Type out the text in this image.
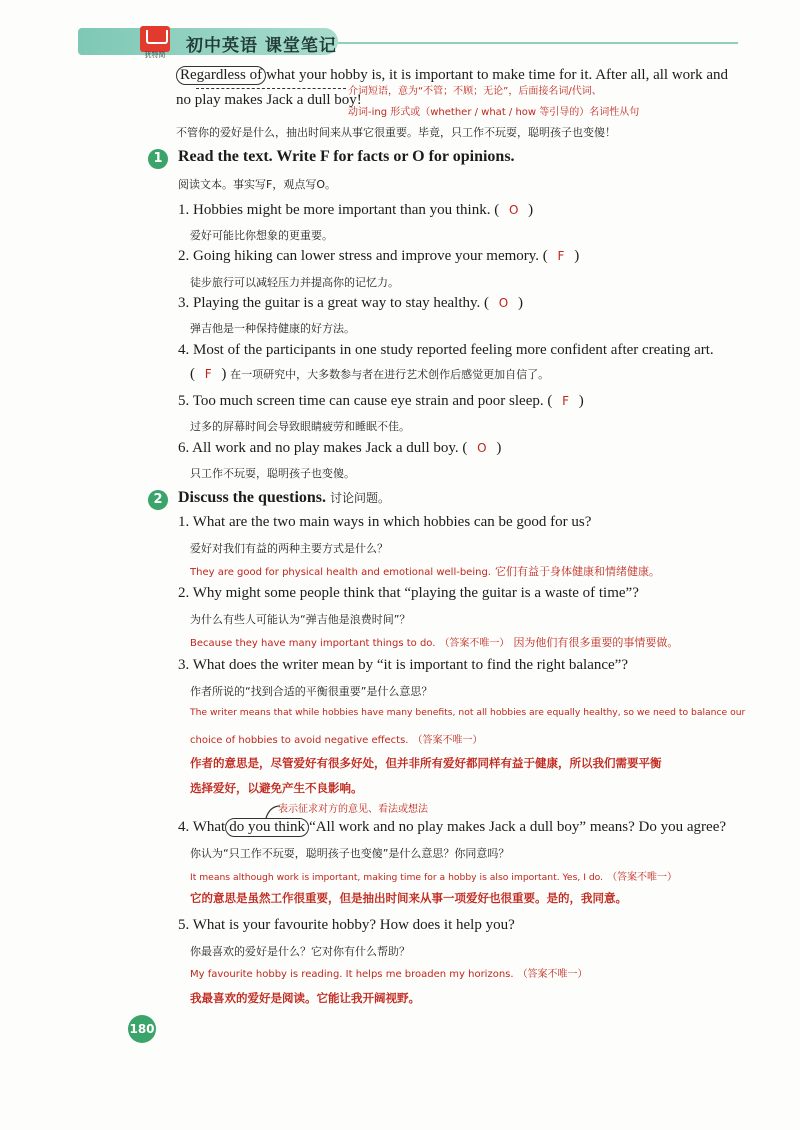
犹特简	初中英语 课堂笔记
Regardless of what your hobby is, it is important to make time for it. After all, all work and
no play makes Jack a dull boy!
介词短语，意为“不管；不顾；无论”，后面接名词/代词、
动词-ing 形式或（whether / what / how 等引导的）名词性从句
不管你的爱好是什么，抽出时间来从事它很重要。毕竟，只工作不玩耍，聪明孩子也变傻！
1 Read the text. Write F for facts or O for opinions.
阅读文本。事实写F，观点写O。
1. Hobbies might be more important than you think. ( O )
爱好可能比你想象的更重要。
2. Going hiking can lower stress and improve your memory. ( F )
徒步旅行可以减轻压力并提高你的记忆力。
3. Playing the guitar is a great way to stay healthy. ( O )
弹吉他是一种保持健康的好方法。
4. Most of the participants in one study reported feeling more confident after creating art.
( F ) 在一项研究中，大多数参与者在进行艺术创作后感觉更加自信了。
5. Too much screen time can cause eye strain and poor sleep. ( F )
过多的屏幕时间会导致眼睛疲劳和睡眠不佳。
6. All work and no play makes Jack a dull boy. ( O )
只工作不玩耍，聪明孩子也变傻。
2 Discuss the questions. 讨论问题。
1. What are the two main ways in which hobbies can be good for us?
爱好对我们有益的两种主要方式是什么？
They are good for physical health and emotional well-being. 它们有益于身体健康和情绪健康。
2. Why might some people think that “playing the guitar is a waste of time”?
为什么有些人可能认为“弹吉他是浪费时间”？
Because they have many important things to do. （答案不唯一） 因为他们有很多重要的事情要做。
3. What does the writer mean by “it is important to find the right balance”?
作者所说的“找到合适的平衡很重要”是什么意思？
The writer means that while hobbies have many benefits, not all hobbies are equally healthy, so we need to balance our
choice of hobbies to avoid negative effects. （答案不唯一）
作者的意思是，尽管爱好有很多好处，但并非所有爱好都同样有益于健康，所以我们需要平衡
选择爱好，以避免产生不良影响。
表示征求对方的意见、看法或想法
4. What do you think “All work and no play makes Jack a dull boy” means? Do you agree?
你认为“只工作不玩耍，聪明孩子也变傻”是什么意思？你同意吗？
It means although work is important, making time for a hobby is also important. Yes, I do. （答案不唯一）
它的意思是虽然工作很重要，但是抽出时间来从事一项爱好也很重要。是的，我同意。
5. What is your favourite hobby? How does it help you?
你最喜欢的爱好是什么？它对你有什么帮助？
My favourite hobby is reading. It helps me broaden my horizons. （答案不唯一）
我最喜欢的爱好是阅读。它能让我开阔视野。
180
